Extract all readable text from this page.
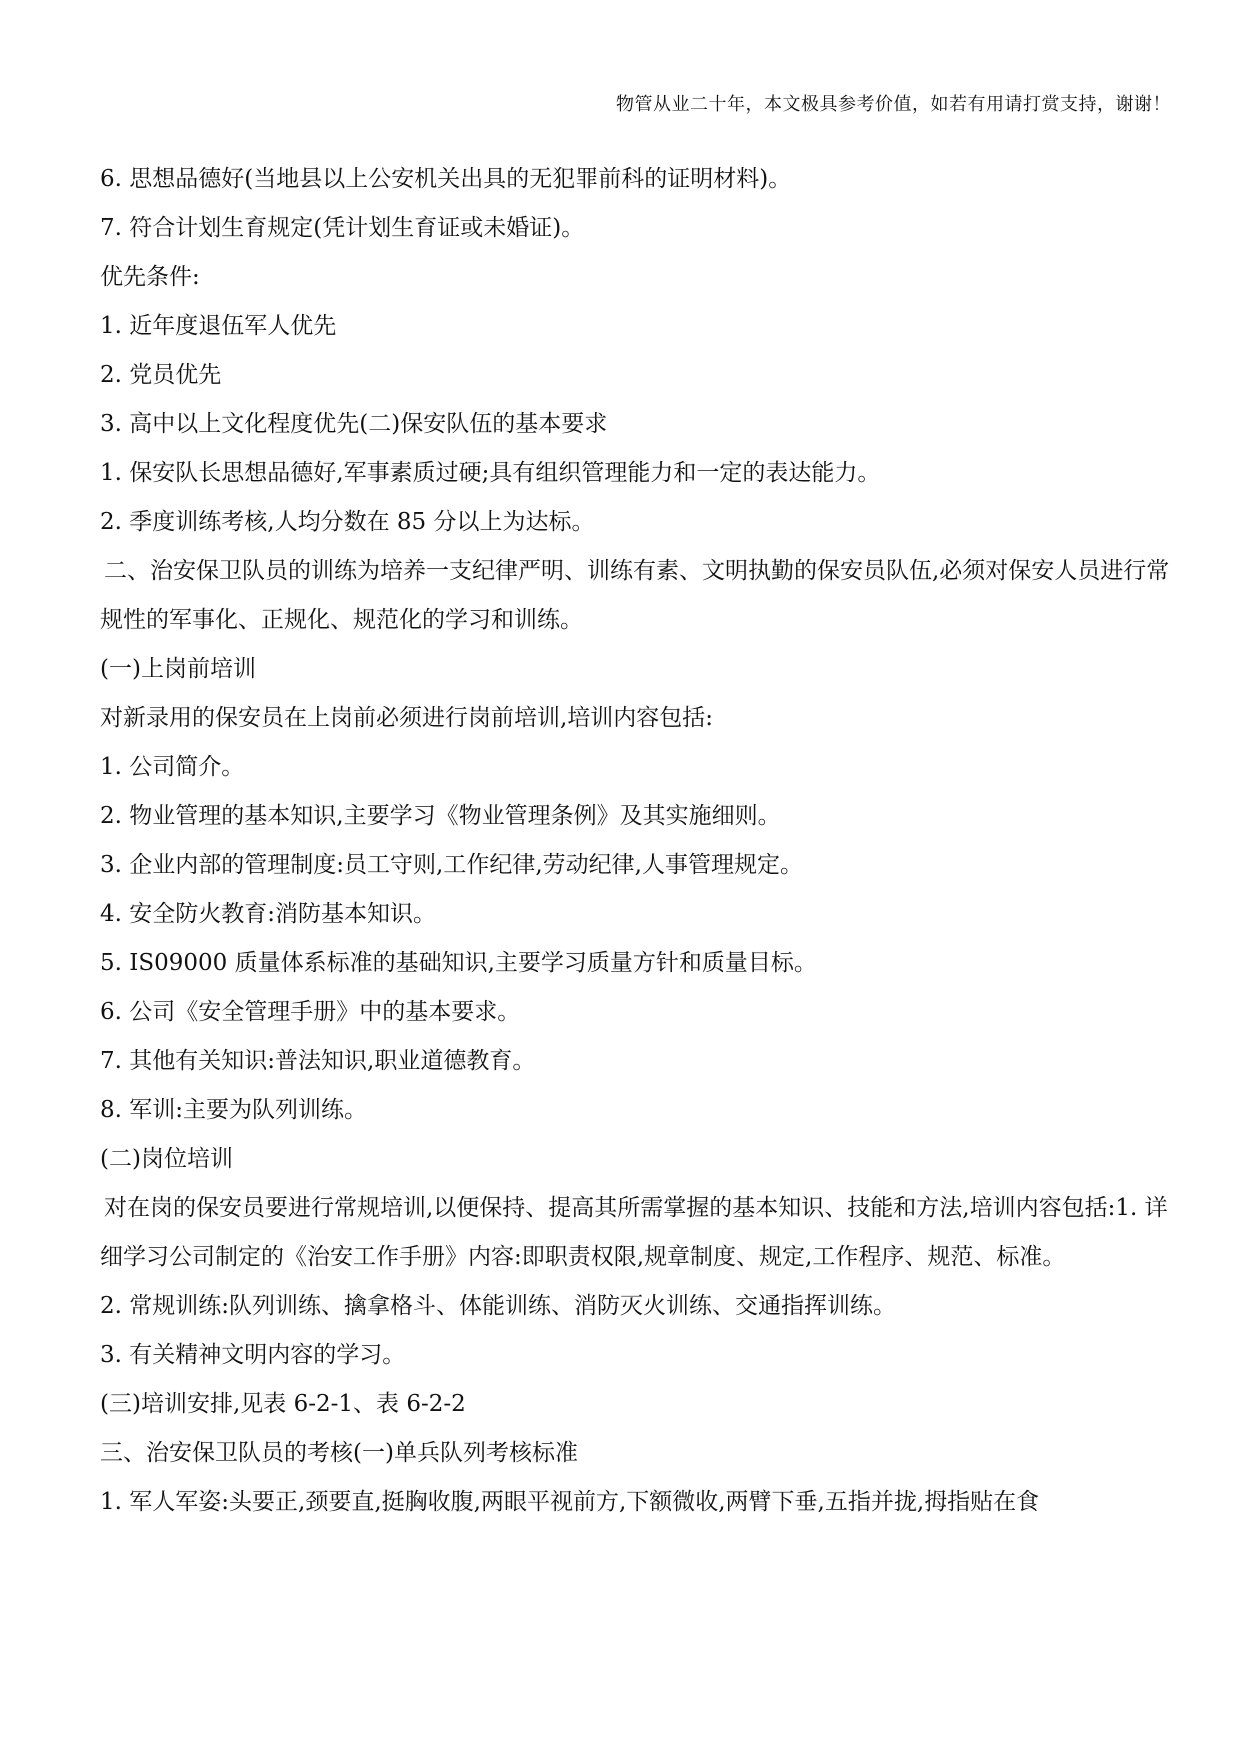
物管从业二十年，本文极具参考价值，如若有用请打赏支持，谢谢！

6. 思想品德好(当地县以上公安机关出具的无犯罪前科的证明材料)。

7. 符合计划生育规定(凭计划生育证或未婚证)。

优先条件:

1. 近年度退伍军人优先

2. 党员优先

3. 高中以上文化程度优先(二)保安队伍的基本要求

1. 保安队长思想品德好,军事素质过硬;具有组织管理能力和一定的表达能力。

2. 季度训练考核,人均分数在 85 分以上为达标。

二、治安保卫队员的训练为培养一支纪律严明、训练有素、文明执勤的保安员队伍,必须对保安人员进行常规性的军事化、正规化、规范化的学习和训练。

(一)上岗前培训

对新录用的保安员在上岗前必须进行岗前培训,培训内容包括:

1. 公司简介。

2. 物业管理的基本知识,主要学习《物业管理条例》及其实施细则。

3. 企业内部的管理制度:员工守则,工作纪律,劳动纪律,人事管理规定。

4. 安全防火教育:消防基本知识。

5. IS09000 质量体系标准的基础知识,主要学习质量方针和质量目标。

6. 公司《安全管理手册》中的基本要求。

7. 其他有关知识:普法知识,职业道德教育。

8. 军训:主要为队列训练。

(二)岗位培训

对在岗的保安员要进行常规培训,以便保持、提高其所需掌握的基本知识、技能和方法,培训内容包括:1. 详细学习公司制定的《治安工作手册》内容:即职责权限,规章制度、规定,工作程序、规范、标准。

2. 常规训练:队列训练、擒拿格斗、体能训练、消防灭火训练、交通指挥训练。

3. 有关精神文明内容的学习。

(三)培训安排,见表 6-2-1、表 6-2-2

三、治安保卫队员的考核(一)单兵队列考核标准

1. 军人军姿:头要正,颈要直,挺胸收腹,两眼平视前方,下额微收,两臂下垂,五指并拢,拇指贴在食
